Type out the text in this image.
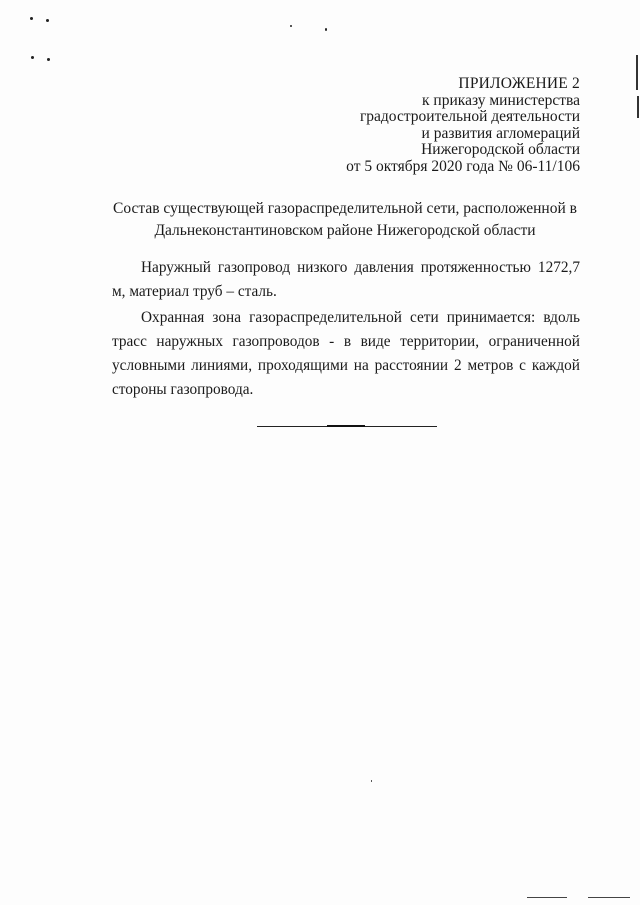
ПРИЛОЖЕНИЕ 2
к приказу министерства
градостроительной деятельности
и развития агломераций
Нижегородской области
от 5 октября 2020 года № 06-11/106
Состав существующей газораспределительной сети, расположенной в
Дальнеконстантиновском районе Нижегородской области

Наружный газопровод низкого давления протяженностью 1272,7 м, материал труб – сталь.

Охранная зона газораспределительной сети принимается: вдоль трасс наружных газопроводов - в виде территории, ограниченной условными линиями, проходящими на расстоянии 2 метров с каждой стороны газопровода.
